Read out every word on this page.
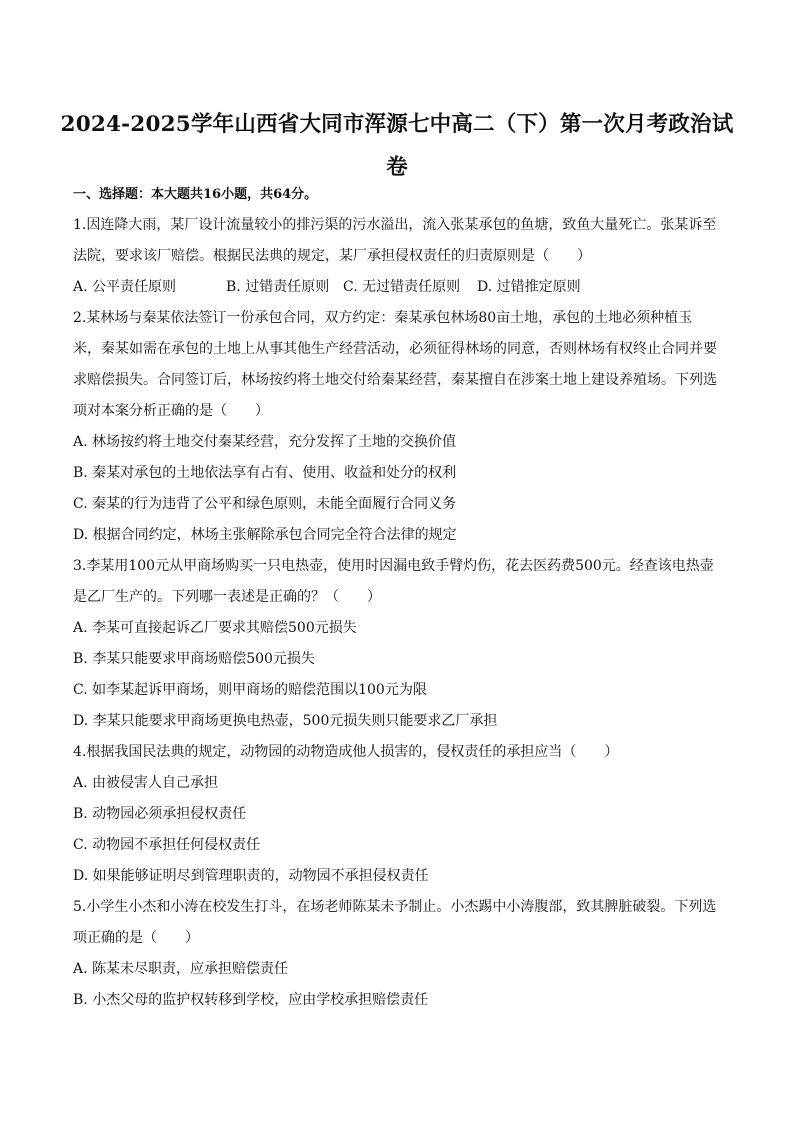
2024-2025学年山西省大同市浑源七中高二（下）第一次月考政治试
卷
一、选择题：本大题共16小题，共64分。
1.因连降大雨，某厂设计流量较小的排污渠的污水溢出，流入张某承包的鱼塘，致鱼大量死亡。张某诉至
法院，要求该厂赔偿。根据民法典的规定，某厂承担侵权责任的归责原则是（　　）
A. 公平责任原则	B. 过错责任原则 C. 无过错责任原则	D. 过错推定原则
2.某林场与秦某依法签订一份承包合同，双方约定：秦某承包林场80亩土地，承包的土地必须种植玉
米，秦某如需在承包的土地上从事其他生产经营活动，必须征得林场的同意，否则林场有权终止合同并要
求赔偿损失。合同签订后，林场按约将土地交付给秦某经营，秦某擅自在涉案土地上建设养殖场。下列选
项对本案分析正确的是（　　）
A. 林场按约将土地交付秦某经营，充分发挥了土地的交换价值
B. 秦某对承包的土地依法享有占有、使用、收益和处分的权利
C. 秦某的行为违背了公平和绿色原则，未能全面履行合同义务
D. 根据合同约定，林场主张解除承包合同完全符合法律的规定
3.李某用100元从甲商场购买一只电热壶，使用时因漏电致手臂灼伤，花去医药费500元。经查该电热壶
是乙厂生产的。下列哪一表述是正确的？（　　）
A. 李某可直接起诉乙厂要求其赔偿500元损失
B. 李某只能要求甲商场赔偿500元损失
C. 如李某起诉甲商场，则甲商场的赔偿范围以100元为限
D. 李某只能要求甲商场更换电热壶，500元损失则只能要求乙厂承担
4.根据我国民法典的规定，动物园的动物造成他人损害的，侵权责任的承担应当（　　）
A. 由被侵害人自己承担
B. 动物园必须承担侵权责任
C. 动物园不承担任何侵权责任
D. 如果能够证明尽到管理职责的，动物园不承担侵权责任
5.小学生小杰和小涛在校发生打斗，在场老师陈某未予制止。小杰踢中小涛腹部，致其脾脏破裂。下列选
项正确的是（　　）
A. 陈某未尽职责，应承担赔偿责任
B. 小杰父母的监护权转移到学校，应由学校承担赔偿责任
